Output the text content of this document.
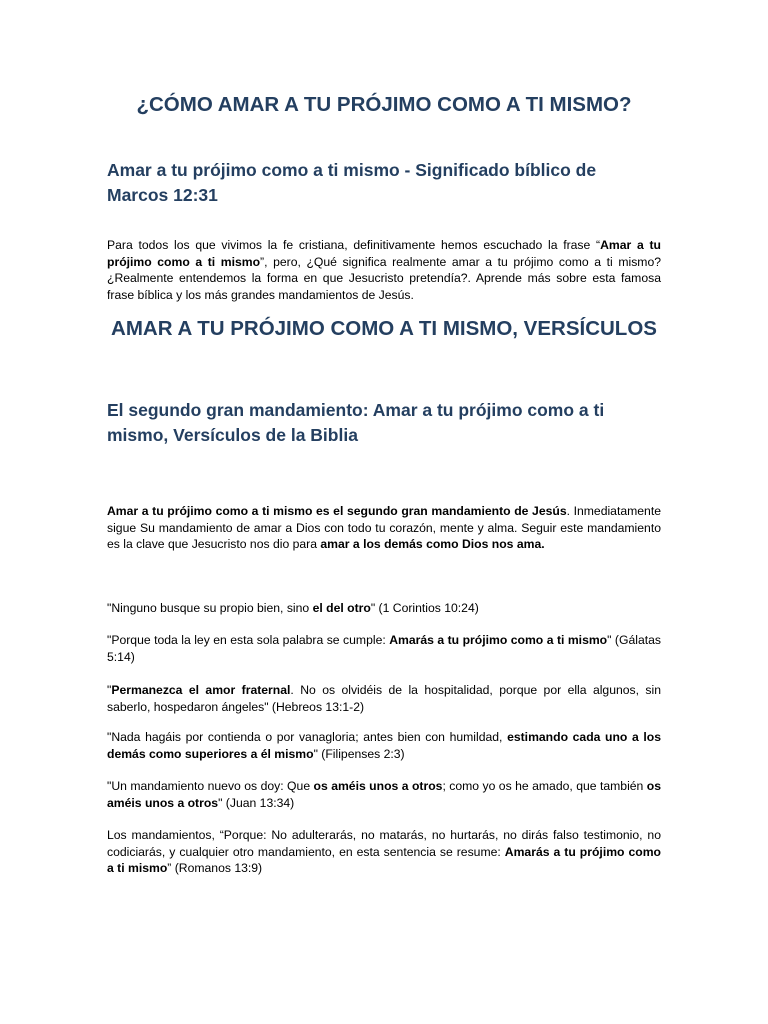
¿CÓMO AMAR A TU PRÓJIMO COMO A TI MISMO?
Amar a tu prójimo como a ti mismo - Significado bíblico de Marcos 12:31

Para todos los que vivimos la fe cristiana, definitivamente hemos escuchado la frase “Amar a tu prójimo como a ti mismo”, pero, ¿Qué significa realmente amar a tu prójimo como a ti mismo? ¿Realmente entendemos la forma en que Jesucristo pretendía?. Aprende más sobre esta famosa frase bíblica y los más grandes mandamientos de Jesús.

AMAR A TU PRÓJIMO COMO A TI MISMO, VERSÍCULOS
El segundo gran mandamiento: Amar a tu prójimo como a ti mismo, Versículos de la Biblia

Amar a tu prójimo como a ti mismo es el segundo gran mandamiento de Jesús. Inmediatamente sigue Su mandamiento de amar a Dios con todo tu corazón, mente y alma. Seguir este mandamiento es la clave que Jesucristo nos dio para amar a los demás como Dios nos ama.

"Ninguno busque su propio bien, sino el del otro" (1 Corintios 10:24)

"Porque toda la ley en esta sola palabra se cumple: Amarás a tu prójimo como a ti mismo" (Gálatas 5:14)

"Permanezca el amor fraternal. No os olvidéis de la hospitalidad, porque por ella algunos, sin saberlo, hospedaron ángeles" (Hebreos 13:1-2)

"Nada hagáis por contienda o por vanagloria; antes bien con humildad, estimando cada uno a los demás como superiores a él mismo" (Filipenses 2:3)

"Un mandamiento nuevo os doy: Que os améis unos a otros; como yo os he amado, que también os améis unos a otros" (Juan 13:34)

Los mandamientos, “Porque: No adulterarás, no matarás, no hurtarás, no dirás falso testimonio, no codiciarás, y cualquier otro mandamiento, en esta sentencia se resume: Amarás a tu prójimo como a ti mismo” (Romanos 13:9)
